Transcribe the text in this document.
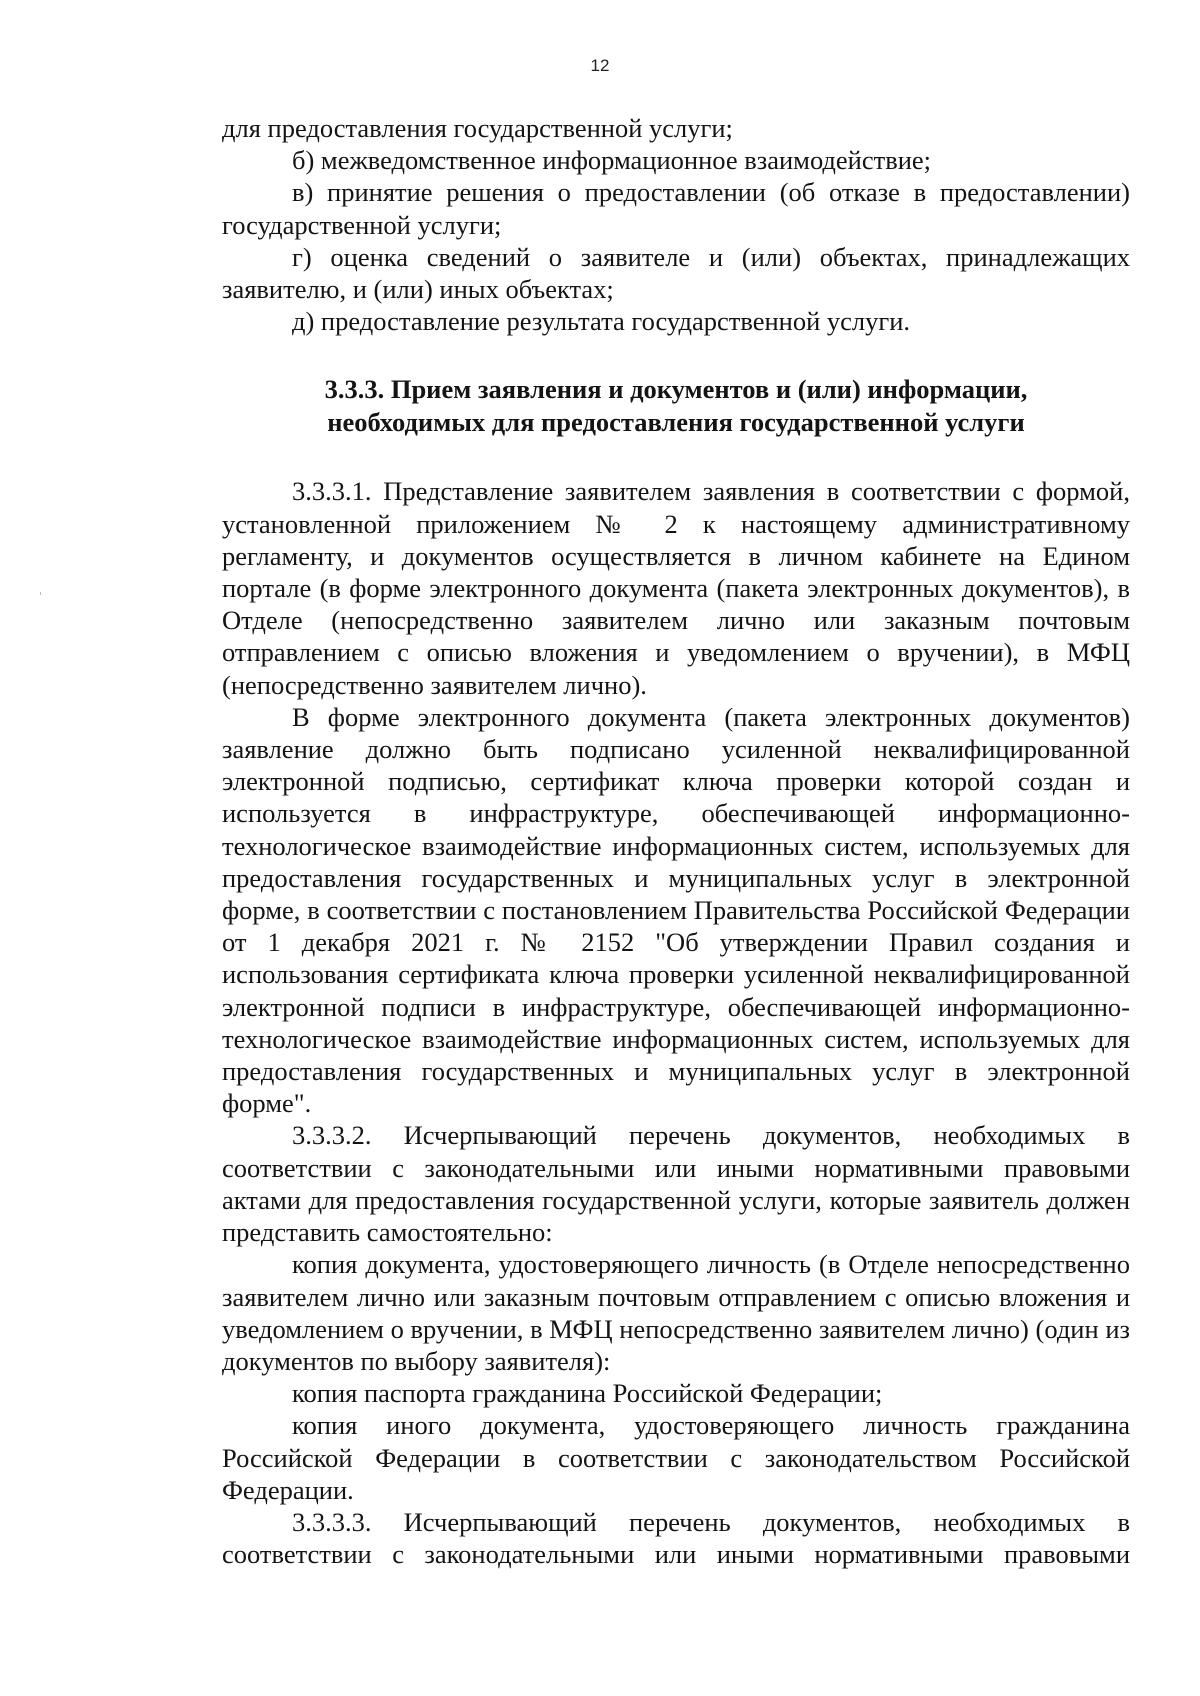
12

для предоставления государственной услуги;

б) межведомственное информационное взаимодействие;

в) принятие решения о предоставлении (об отказе в предоставлении) государственной услуги;

г) оценка сведений о заявителе и (или) объектах, принадлежащих заявителю, и (или) иных объектах;

д) предоставление результата государственной услуги.

3.3.3. Прием заявления и документов и (или) информации,
необходимых для предоставления государственной услуги

3.3.3.1. Представление заявителем заявления в соответствии с формой, установленной приложением № 2 к настоящему административному регламенту, и документов осуществляется в личном кабинете на Едином портале (в форме электронного документа (пакета электронных документов), в Отделе (непосредственно заявителем лично или заказным почтовым отправлением с описью вложения и уведомлением о вручении), в МФЦ (непосредственно заявителем лично).

В форме электронного документа (пакета электронных документов) заявление должно быть подписано усиленной неквалифицированной электронной подписью, сертификат ключа проверки которой создан и используется в инфраструктуре, обеспечивающей информационно-технологическое взаимодействие информационных систем, используемых для предоставления государственных и муниципальных услуг в электронной форме, в соответствии с постановлением Правительства Российской Федерации от 1 декабря 2021 г. № 2152 "Об утверждении Правил создания и использования сертификата ключа проверки усиленной неквалифицированной электронной подписи в инфраструктуре, обеспечивающей информационно-технологическое взаимодействие информационных систем, используемых для предоставления государственных и муниципальных услуг в электронной форме".

3.3.3.2. Исчерпывающий перечень документов, необходимых в соответствии с законодательными или иными нормативными правовыми актами для предоставления государственной услуги, которые заявитель должен представить самостоятельно:

копия документа, удостоверяющего личность (в Отделе непосредственно заявителем лично или заказным почтовым отправлением с описью вложения и уведомлением о вручении, в МФЦ непосредственно заявителем лично) (один из документов по выбору заявителя):

копия паспорта гражданина Российской Федерации;

копия иного документа, удостоверяющего личность гражданина Российской Федерации в соответствии с законодательством Российской Федерации.

3.3.3.3. Исчерпывающий перечень документов, необходимых в соответствии с законодательными или иными нормативными правовыми
